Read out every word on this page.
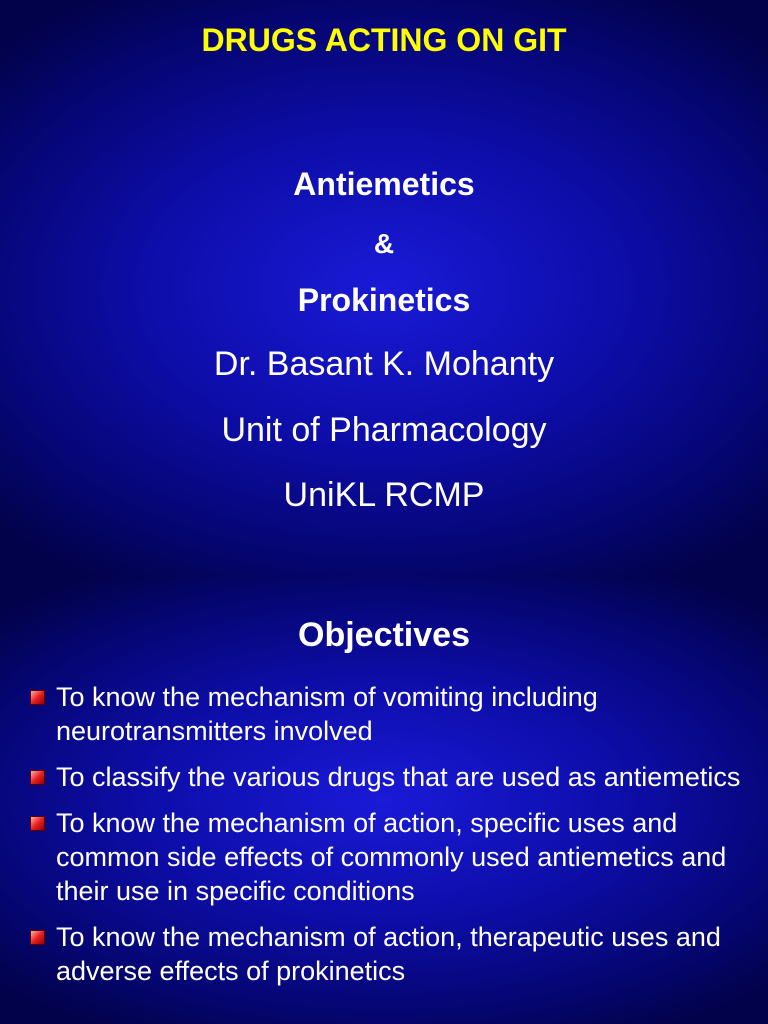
DRUGS ACTING ON GIT
Antiemetics
&
Prokinetics
Dr. Basant K. Mohanty
Unit of Pharmacology
UniKL RCMP
Objectives
To know the mechanism of vomiting including neurotransmitters involved
To classify the various drugs that are used as antiemetics
To know the mechanism of action, specific uses and common side effects of commonly used antiemetics and their use in specific conditions
To know the mechanism of action, therapeutic uses and adverse effects of prokinetics
